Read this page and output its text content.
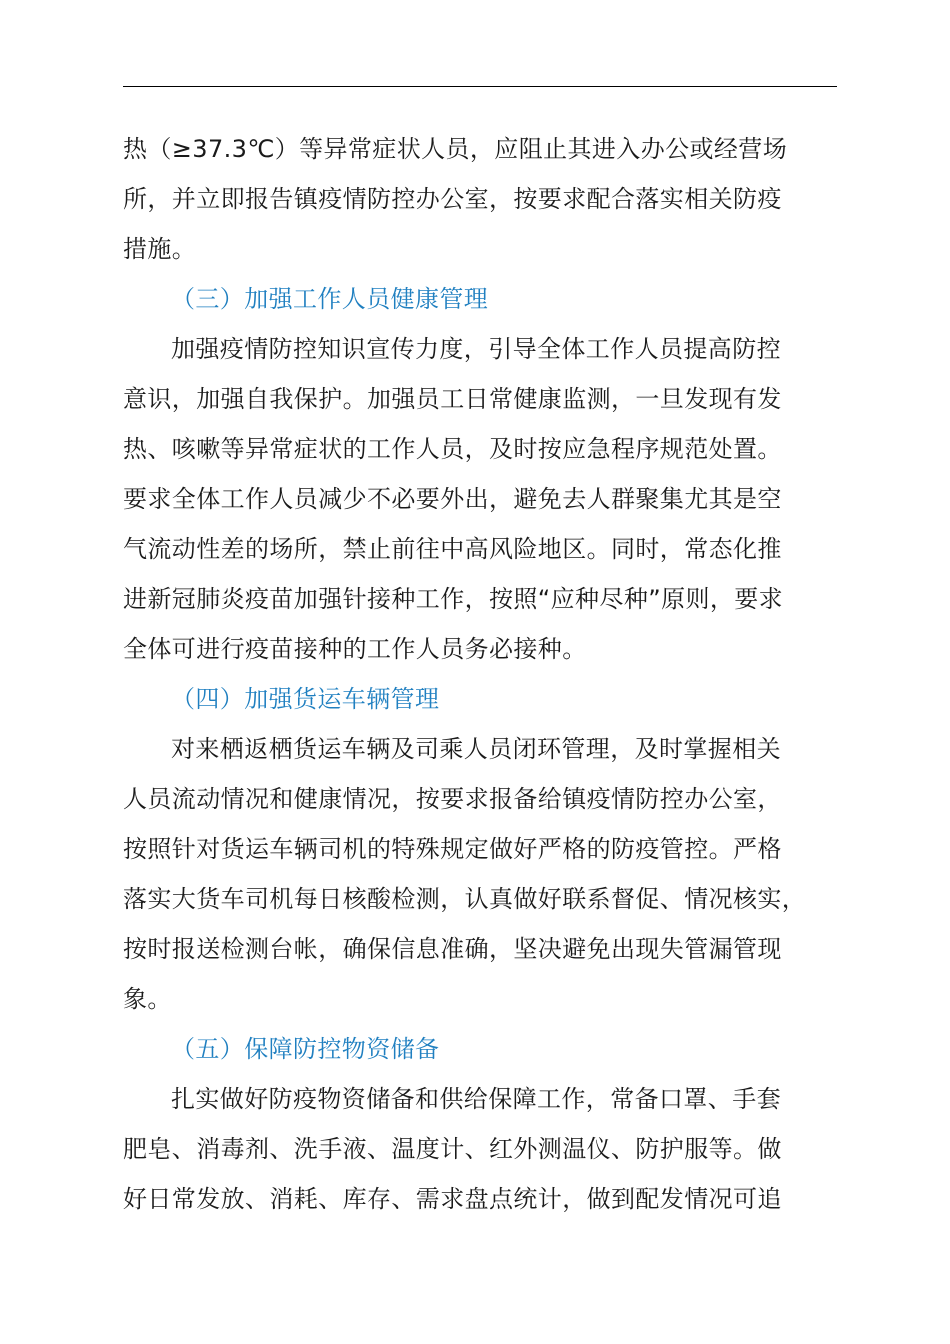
热（≥37.3℃）等异常症状人员，应阻止其进入办公或经营场
所，并立即报告镇疫情防控办公室，按要求配合落实相关防疫
措施。
（三）加强工作人员健康管理
加强疫情防控知识宣传力度，引导全体工作人员提高防控
意识，加强自我保护。加强员工日常健康监测，一旦发现有发
热、咳嗽等异常症状的工作人员，及时按应急程序规范处置。
要求全体工作人员减少不必要外出，避免去人群聚集尤其是空
气流动性差的场所，禁止前往中高风险地区。同时，常态化推
进新冠肺炎疫苗加强针接种工作，按照“应种尽种”原则，要求
全体可进行疫苗接种的工作人员务必接种。
（四）加强货运车辆管理
对来栖返栖货运车辆及司乘人员闭环管理，及时掌握相关
人员流动情况和健康情况，按要求报备给镇疫情防控办公室，
按照针对货运车辆司机的特殊规定做好严格的防疫管控。严格
落实大货车司机每日核酸检测，认真做好联系督促、情况核实，
按时报送检测台帐，确保信息准确，坚决避免出现失管漏管现
象。
（五）保障防控物资储备
扎实做好防疫物资储备和供给保障工作，常备口罩、手套
肥皂、消毒剂、洗手液、温度计、红外测温仪、防护服等。做
好日常发放、消耗、库存、需求盘点统计，做到配发情况可追
